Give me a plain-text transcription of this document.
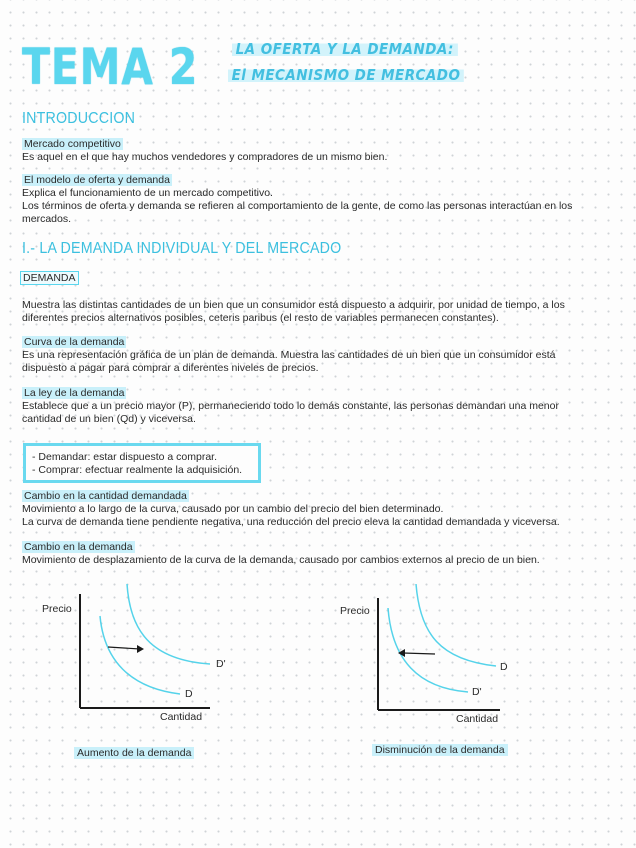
TEMA 2 LA OFERTA Y LA DEMANDA:
El MECANISMO DE MERCADO
INTRODUCCION
Mercado competitivo
Es aquel en el que hay muchos vendedores y compradores de un mismo bien.
El modelo de oferta y demanda
Explica el funcionamiento de un mercado competitivo.
Los términos de oferta y demanda se refieren al comportamiento de la gente, de como las personas interactúan en los
mercados.
I.- LA DEMANDA INDIVIDUAL Y DEL MERCADO
DEMANDA
Muestra las distintas cantidades de un bien que un consumidor está dispuesto a adquirir, por unidad de tiempo, a los
diferentes precios alternativos posibles, ceteris paribus (el resto de variables permanecen constantes).
Curva de la demanda
Es una representación gráfica de un plan de demanda. Muestra las cantidades de un bien que un consumidor está
dispuesto a pagar para comprar a diferentes niveles de precios.
La ley de la demanda
Establece que a un precio mayor (P), permaneciendo todo lo demás constante, las personas demandan una menor
cantidad de un bien (Qd) y viceversa.
- Demandar: estar dispuesto a comprar.
- Comprar: efectuar realmente la adquisición.
Cambio en la cantidad demandada
Movimiento a lo largo de la curva, causado por un cambio del precio del bien determinado.
La curva de demanda tiene pendiente negativa, una reducción del precio eleva la cantidad demandada y viceversa.
Cambio en la demanda
Movimiento de desplazamiento de la curva de la demanda, causado por cambios externos al precio de un bien.
Precio
Cantidad
D'
D
Aumento de la demanda
Precio
Cantidad
D
D'
Disminución de la demanda
